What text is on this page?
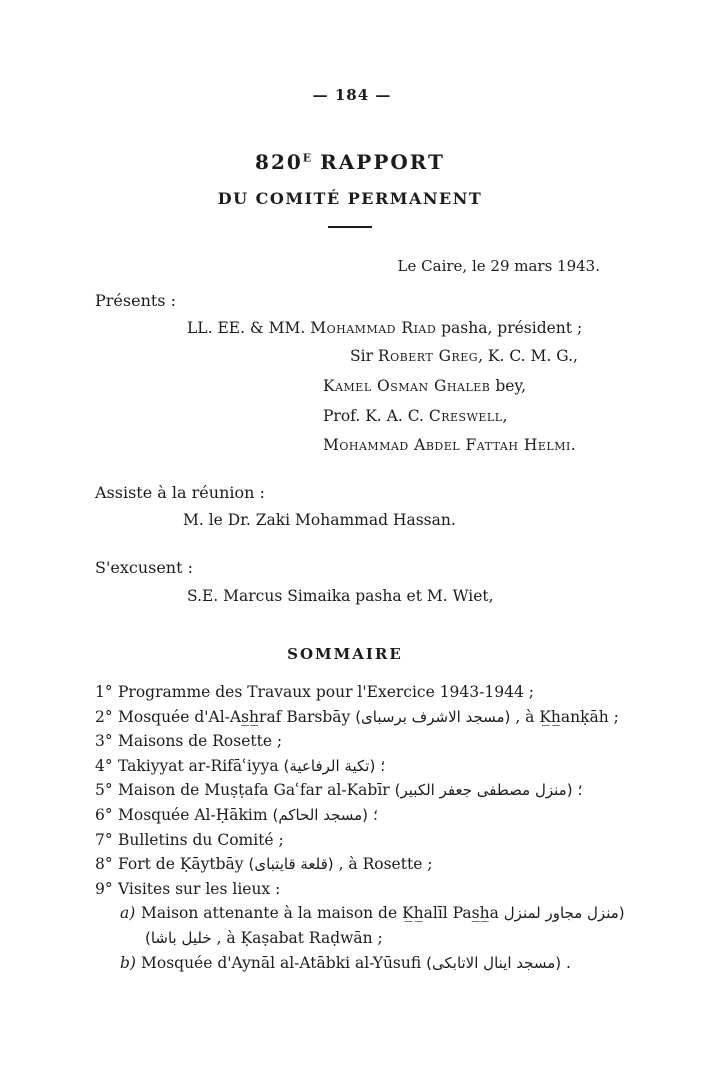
— 184 —
$820^E$ RAPPORT
DU COMITÉ PERMANENT
Le Caire, le 29 mars 1943.
Présents :
LL. EE. & MM. Mohammad Riad pasha, président ;
Sir Robert Greg, K. C. M. G.,
Kamel Osman Ghaleb bey,
Prof. K. A. C. Creswell,
Mohammad Abdel Fattah Helmi.
Assiste à la réunion :
M. le Dr. Zaki Mohammad Hassan.
S'excusent :
S.E. Marcus Simaika pasha et M. Wiet,
SOMMAIRE
1° Programme des Travaux pour l'Exercice 1943-1944 ;
2° Mosquée d'Al-As̲h̲raf Barsbāy (مسجد الاشرف برسباى) , à K̲h̲anḳāh ;
3° Maisons de Rosette ;
4° Takiyyat ar-Rifāʿiyya (تكية الرفاعية) ؛
5° Maison de Muṣṭafa Gaʿfar al-Kabīr (منزل مصطفى جعفر الكبير) ؛
6° Mosquée Al-Ḥākim (مسجد الحاكم) ؛
7° Bulletins du Comité ;
8° Fort de Ḳāytbāy (قلعة قايتباى) , à Rosette ;
9° Visites sur les lieux :
a) Maison attenante à la maison de K̲h̲alīl Pas̲h̲a (منزل مجاور لمنزل
خليل باشا) , à Ḳaṣabat Raḍwān ;
b) Mosquée d'Aynāl al-Atābki al-Yūsufi (مسجد اينال الاتابكى) .
